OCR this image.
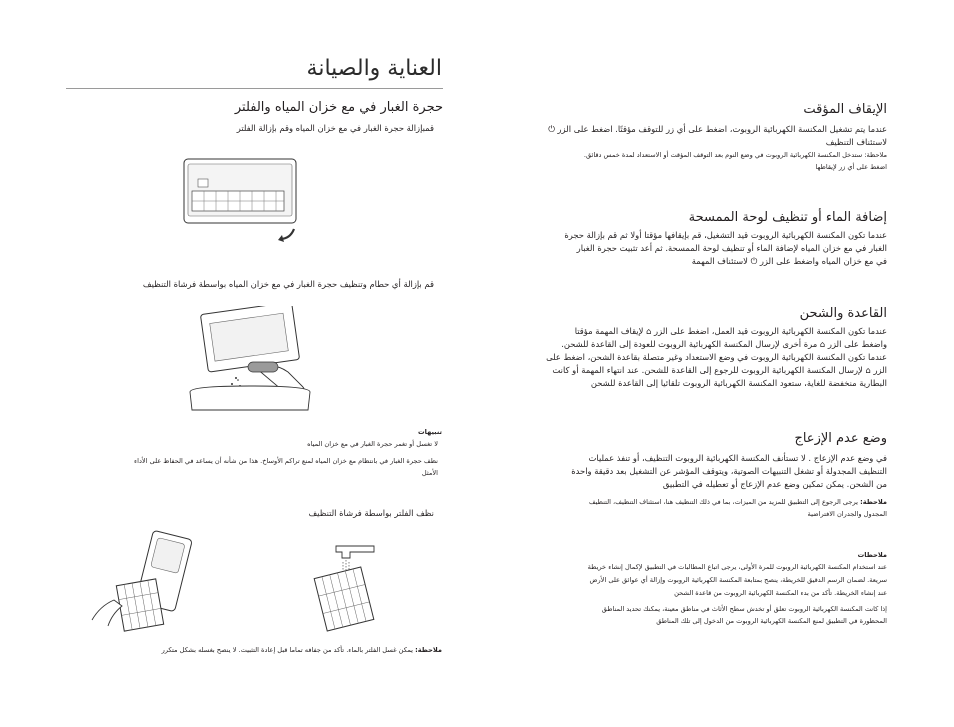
العناية والصيانة
حجرة الغبار في مع خزان المياه والفلتر
قمبإزالة حجرة الغبار في مع خزان المياه وقم بإزالة الفلتر
قم بإزالة أي حطام وتنظيف حجرة الغبار في مع خزان المياه بواسطة فرشاة التنظيف
تنبيهات
لا تغسل أو تغمر حجرة الغبار في مع خزان المياه
نظف حجرة الغبار في بانتظام مع خزان المياه لمنع تراكم الأوساخ. هذا من شأنه أن يساعد في الحفاظ على الأداء
الأمثل
نظف الفلتر بواسطة فرشاة التنظيف
ملاحظة: يمكن غسل الفلتر بالماء. تأكد من جفافه تماما قبل إعادة التثبيت. لا ينصح بغسله بشكل متكرر
الإيقاف المؤقت
عندما يتم تشغيل المكنسة الكهربائية الروبوت، اضغط على أي زر للتوقف مؤقتًا. اضغط على الزر ⏻
لاستئناف التنظيف
ملاحظة: ستدخل المكنسة الكهربائية الروبوت في وضع النوم بعد التوقف المؤقت أو الاستعداد لمدة خمس دقائق.
اضغط على أي زر لإيقاظها
إضافة الماء أو تنظيف لوحة الممسحة
عندما تكون المكنسة الكهربائية الروبوت قيد التشغيل، قم بإيقافها مؤقتا أولا ثم قم بإزالة حجرة
الغبار في مع خزان المياه لإضافة الماء أو تنظيف لوحة الممسحة. ثم أعد تثبيت حجرة الغبار
في مع خزان المياه واضغط على الزر ⏻ لاستئناف المهمة
القاعدة والشحن
عندما تكون المكنسة الكهربائية الروبوت قيد العمل، اضغط على الزر ⌂ لإيقاف المهمة مؤقتا
واضغط على الزر ⌂ مرة أخرى لإرسال المكنسة الكهربائية الروبوت للعودة إلى القاعدة للشحن.
عندما تكون المكنسة الكهربائية الروبوت في وضع الاستعداد وغير متصلة بقاعدة الشحن، اضغط على
الزر ⌂ لإرسال المكنسة الكهربائية الروبوت للرجوع إلى القاعدة للشحن. عند انتهاء المهمة أو كانت
البطارية منخفضة للغاية، ستعود المكنسة الكهربائية الروبوت تلقائيا إلى القاعدة للشحن
وضع عدم الإزعاج
في وضع عدم الإزعاج . لا تستأنف المكنسة الكهربائية الروبوت التنظيف، أو تنفذ عمليات
التنظيف المجدولة أو تشغل التنبيهات الصوتية، ويتوقف المؤشر عن التشغيل بعد دقيقة واحدة
من الشحن. يمكن تمكين وضع عدم الإزعاج أو تعطيله في التطبيق
ملاحظة: يرجى الرجوع إلى التطبيق للمزيد من الميزات، بما في ذلك التنظيف هنا، استئناف التنظيف، التنظيف
المجدول والجدران الافتراضية
ملاحظات
عند استخدام المكنسة الكهربائية الروبوت للمرة الأولى، يرجى اتباع المطالبات في التطبيق لإكمال إنشاء خريطة
سريعة. لضمان الرسم الدقيق للخريطة، ينصح بمتابعة المكنسة الكهربائية الروبوت وإزالة أي عوائق على الأرض
عند إنشاء الخريطة. تأكد من بدء المكنسة الكهربائية الروبوت من قاعدة الشحن
إذا كانت المكنسة الكهربائية الروبوت تعلق أو تخدش سطح الأثاث في مناطق معينة، يمكنك تحديد المناطق
المحظورة في التطبيق لمنع المكنسة الكهربائية الروبوت من الدخول إلى تلك المناطق
